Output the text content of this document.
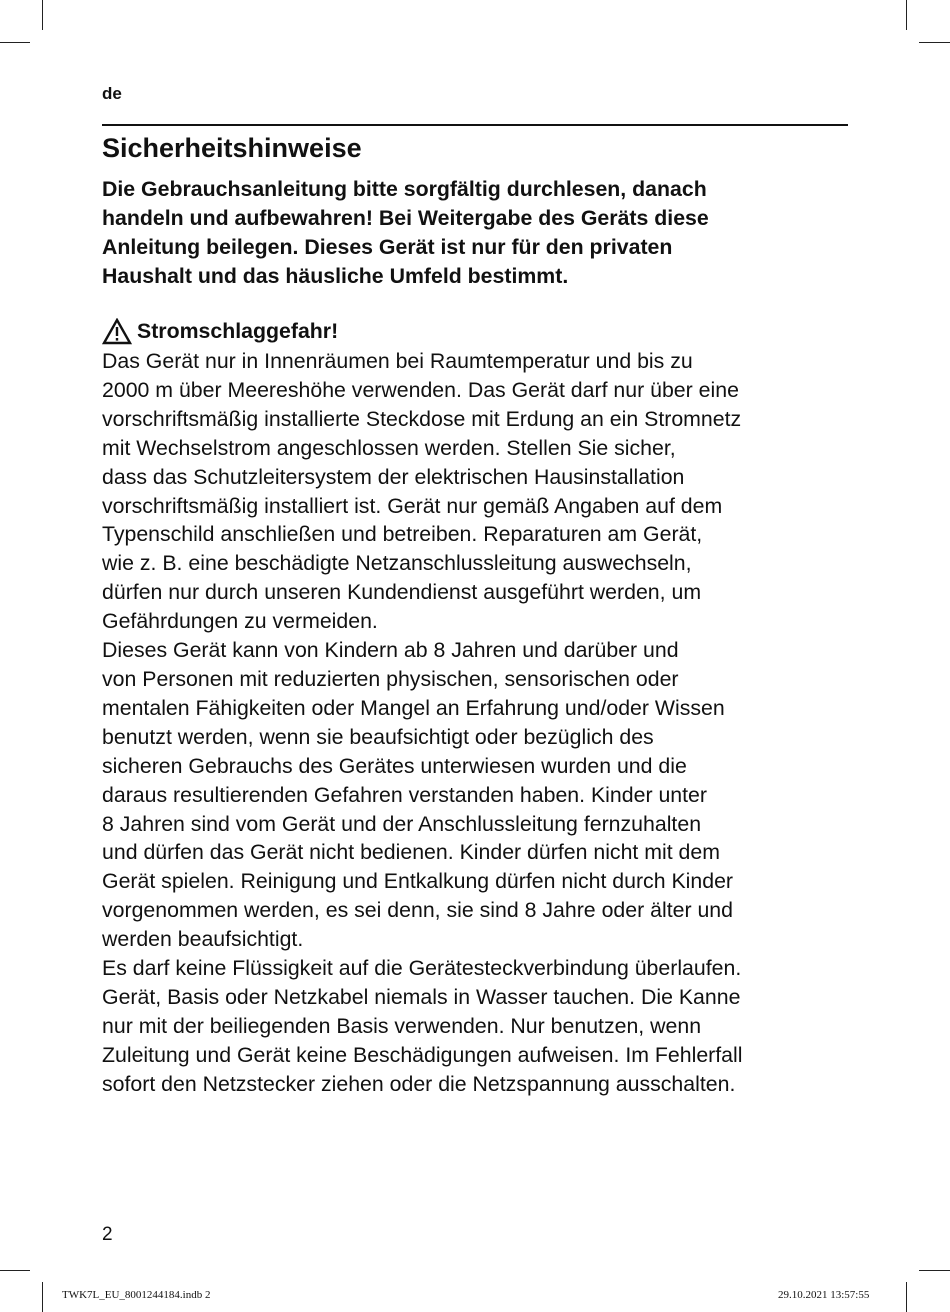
de
Sicherheitshinweise
Die Gebrauchsanleitung bitte sorgfältig durchlesen, danach
handeln und aufbewahren! Bei Weitergabe des Geräts diese
Anleitung beilegen. Dieses Gerät ist nur für den privaten
Haushalt und das häusliche Umfeld bestimmt.
Stromschlaggefahr!

Das Gerät nur in Innenräumen bei Raumtemperatur und bis zu
2000 m über Meereshöhe verwenden. Das Gerät darf nur über eine
vorschriftsmäßig installierte Steckdose mit Erdung an ein Stromnetz
mit Wechselstrom angeschlossen werden. Stellen Sie sicher,
dass das Schutzleitersystem der elektrischen Hausinstallation
vorschriftsmäßig installiert ist. Gerät nur gemäß Angaben auf dem
Typenschild anschließen und betreiben. Reparaturen am Gerät,
wie z. B. eine beschädigte Netzanschlussleitung auswechseln,
dürfen nur durch unseren Kundendienst ausgeführt werden, um
Gefährdungen zu vermeiden.

Dieses Gerät kann von Kindern ab 8 Jahren und darüber und
von Personen mit reduzierten physischen, sensorischen oder
mentalen Fähigkeiten oder Mangel an Erfahrung und/oder Wissen
benutzt werden, wenn sie beaufsichtigt oder bezüglich des
sicheren Gebrauchs des Gerätes unterwiesen wurden und die
daraus resultierenden Gefahren verstanden haben. Kinder unter
8 Jahren sind vom Gerät und der Anschlussleitung fernzuhalten
und dürfen das Gerät nicht bedienen. Kinder dürfen nicht mit dem
Gerät spielen. Reinigung und Entkalkung dürfen nicht durch Kinder
vorgenommen werden, es sei denn, sie sind 8 Jahre oder älter und
werden beaufsichtigt.

Es darf keine Flüssigkeit auf die Gerätesteckverbindung überlaufen.
Gerät, Basis oder Netzkabel niemals in Wasser tauchen. Die Kanne
nur mit der beiliegenden Basis verwenden. Nur benutzen, wenn
Zuleitung und Gerät keine Beschädigungen aufweisen. Im Fehlerfall
sofort den Netzstecker ziehen oder die Netzspannung ausschalten.

2
TWK7L_EU_8001244184.indb 2	29.10.2021 13:57:55
